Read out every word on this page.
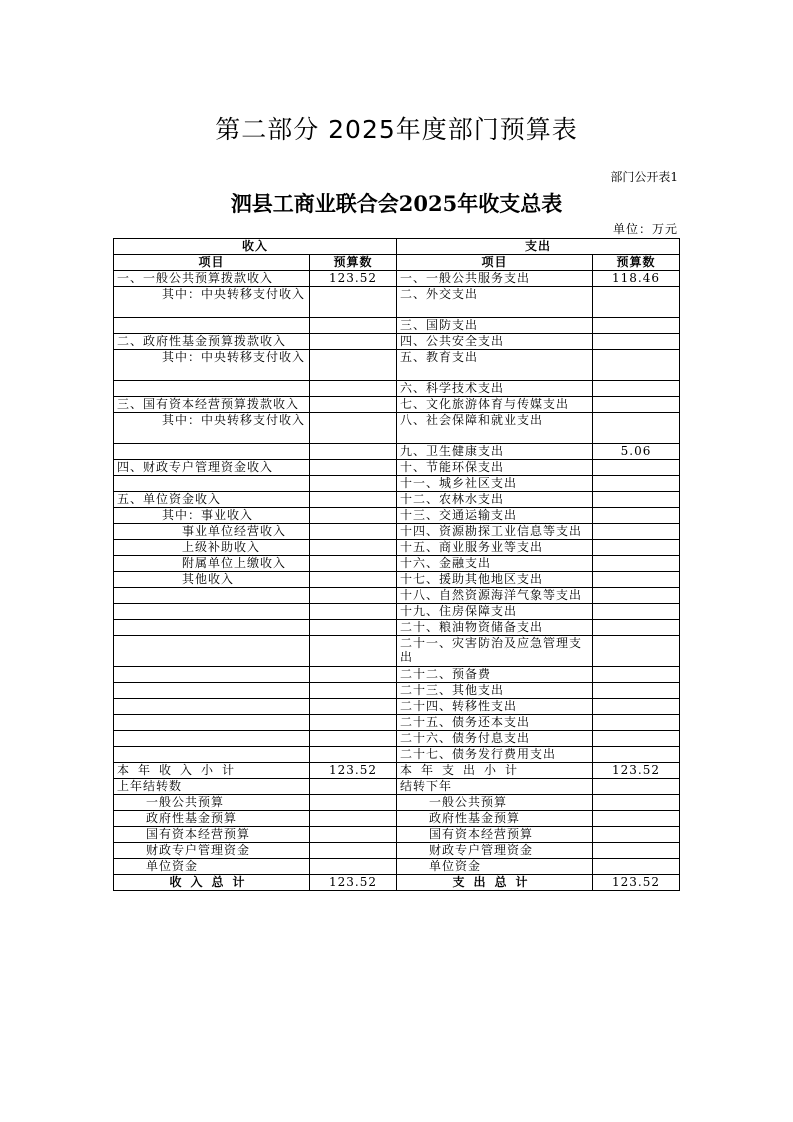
第二部分 2025年度部门预算表
部门公开表1
泗县工商业联合会2025年收支总表
单位：万元
收入		支出	
项目	预算数	项目	预算数
一、一般公共预算拨款收入	123.52	一、一般公共服务支出	118.46
其中：中央转移支付收入		二、外交支出	
		三、国防支出	
二、政府性基金预算拨款收入		四、公共安全支出	
其中：中央转移支付收入		五、教育支出	
		六、科学技术支出	
三、国有资本经营预算拨款收入		七、文化旅游体育与传媒支出	
其中：中央转移支付收入		八、社会保障和就业支出	
		九、卫生健康支出	5.06
四、财政专户管理资金收入		十、节能环保支出	
		十一、城乡社区支出	
五、单位资金收入		十二、农林水支出	
其中：事业收入		十三、交通运输支出	
事业单位经营收入		十四、资源勘探工业信息等支出	
上级补助收入		十五、商业服务业等支出	
附属单位上缴收入		十六、金融支出	
其他收入		十七、援助其他地区支出	
		十八、自然资源海洋气象等支出	
		十九、住房保障支出	
		二十、粮油物资储备支出	
		二十一、灾害防治及应急管理支出	
		二十二、预备费	
		二十三、其他支出	
		二十四、转移性支出	
		二十五、债务还本支出	
		二十六、债务付息支出	
		二十七、债务发行费用支出	
本年收入小计	123.52	本年支出小计	123.52
上年结转数		结转下年	
一般公共预算		一般公共预算	
政府性基金预算		政府性基金预算	
国有资本经营预算		国有资本经营预算	
财政专户管理资金		财政专户管理资金	
单位资金		单位资金	
收入总计	123.52	支出总计	123.52
